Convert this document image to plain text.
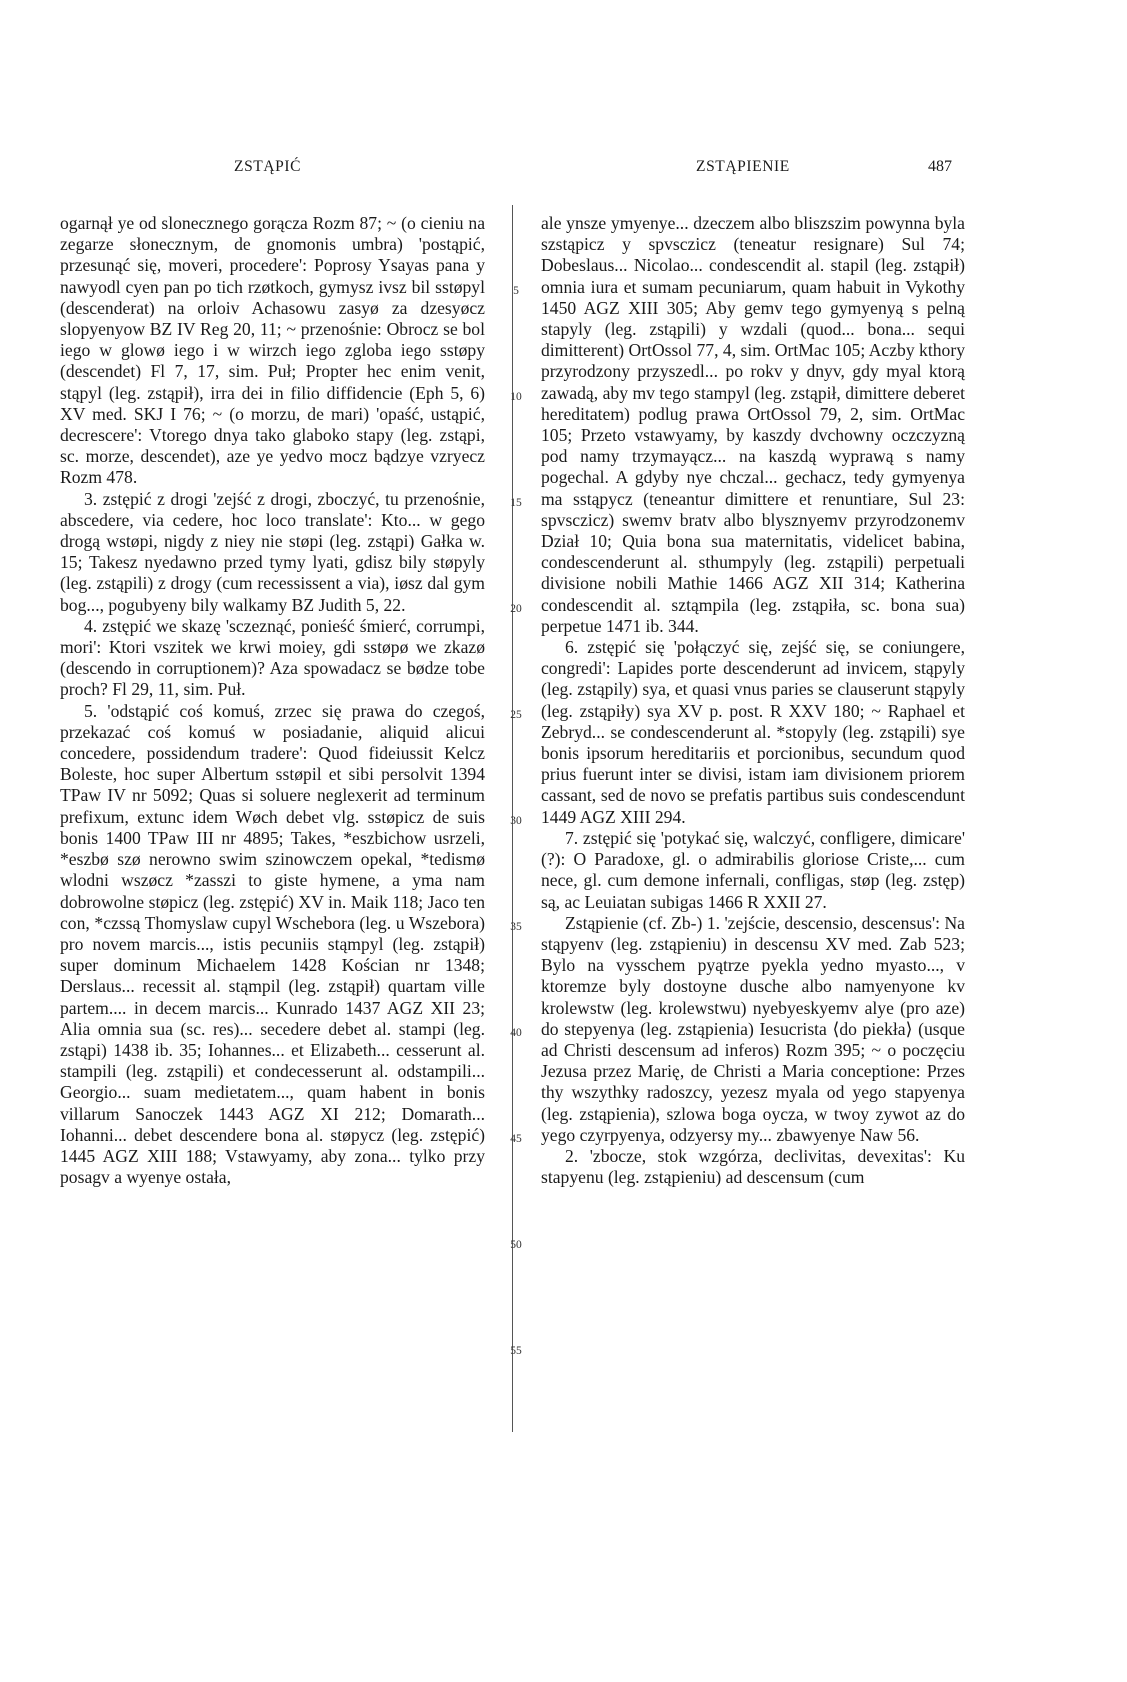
ZSTĄPIĆ	ZSTĄPIENIE	487

ogarnął ye od slonecznego gorącza Rozm 87; ~ (o cieniu na zegarze słonecznym, de gnomonis umbra) 'postąpić, przesunąć się, moveri, procedere': Poprosy Ysayas pana y nawyodl cyen pan po tich rzøtkoch, gymysz ivsz bil sstøpyl (descenderat) na orloiv Achasowu zasyø za dzesyøcz slopyenyow BZ IV Reg 20, 11; ~ przenośnie: Obrocz se bol iego w glowø iego i w wirzch iego zgloba iego sstøpy (descendet) Fl 7, 17, sim. Puł; Propter hec enim venit, stąpyl (leg. zstąpił), irra dei in filio diffidencie (Eph 5, 6) XV med. SKJ I 76; ~ (o morzu, de mari) 'opaść, ustąpić, decrescere': Vtorego dnya tako glaboko stapy (leg. zstąpi, sc. morze, descendet), aze ye yedvo mocz bądzye vzryecz Rozm 478.

3. zstępić z drogi 'zejść z drogi, zboczyć, tu przenośnie, abscedere, via cedere, hoc loco translate': Kto... w gego drogą wstøpi, nigdy z niey nie støpi (leg. zstąpi) Gałka w. 15; Takesz nyedawno przed tymy lyati, gdisz bily støpyly (leg. zstąpili) z drogy (cum recessissent a via), iøsz dal gym bog..., pogubyeny bily walkamy BZ Judith 5, 22.

4. zstępić we skazę 'sczeznąć, ponieść śmierć, corrumpi, mori': Ktori vszitek we krwi moiey, gdi sstøpø we zkazø (descendo in corruptionem)? Aza spowadacz se bødze tobe proch? Fl 29, 11, sim. Puł.

5. 'odstąpić coś komuś, zrzec się prawa do czegoś, przekazać coś komuś w posiadanie, aliquid alicui concedere, possidendum tradere': Quod fideiussit Kelcz Boleste, hoc super Albertum sstøpil et sibi persolvit 1394 TPaw IV nr 5092; Quas si soluere neglexerit ad terminum prefixum, extunc idem Wøch debet vlg. sstøpicz de suis bonis 1400 TPaw III nr 4895; Takes, *eszbichow usrzeli, *eszbø szø nerowno swim szinowczem opekal, *tedismø wlodni wszøcz *zasszi to giste hymene, a yma nam dobrowolne støpicz (leg. zstępić) XV in. Maik 118; Jaco ten con, *czssą Thomyslaw cupyl Wschebora (leg. u Wszebora) pro novem marcis..., istis pecuniis stąmpyl (leg. zstąpił) super dominum Michaelem 1428 Kościan nr 1348; Derslaus... recessit al. stąmpil (leg. zstąpił) quartam ville partem.... in decem marcis... Kunrado 1437 AGZ XII 23; Alia omnia sua (sc. res)... secedere debet al. stampi (leg. zstąpi) 1438 ib. 35; Iohannes... et Elizabeth... cesserunt al. stampili (leg. zstąpili) et condecesserunt al. odstampili... Georgio... suam medietatem..., quam habent in bonis villarum Sanoczek 1443 AGZ XI 212; Domarath... Iohanni... debet descendere bona al. støpycz (leg. zstępić) 1445 AGZ XIII 188; Vstawyamy, aby zona... tylko przy posagv a wyenye ostała,

5
10
15
20
25
30
35
40
45
50
55

ale ynsze ymyenye... dzeczem albo bliszszim powynna byla szstąpicz y spvsczicz (teneatur resignare) Sul 74; Dobeslaus... Nicolao... condescendit al. stapil (leg. zstąpił) omnia iura et sumam pecuniarum, quam habuit in Vykothy 1450 AGZ XIII 305; Aby gemv tego gymyenyą s pelną stapyly (leg. zstąpili) y wzdali (quod... bona... sequi dimitterent) OrtOssol 77, 4, sim. OrtMac 105; Aczby kthory przyrodzony przyszedl... po rokv y dnyv, gdy myal ktorą zawadą, aby mv tego stampyl (leg. zstąpił, dimittere deberet hereditatem) podlug prawa OrtOssol 79, 2, sim. OrtMac 105; Przeto vstawyamy, by kaszdy dvchowny oczczyzną pod namy trzymayącz... na kaszdą wyprawą s namy pogechal. A gdyby nye chczal... gechacz, tedy gymyenya ma sstąpycz (teneantur dimittere et renuntiare, Sul 23: spvsczicz) swemv bratv albo blysznyemv przyrodzonemv Dział 10; Quia bona sua maternitatis, videlicet babina, condescenderunt al. sthumpyly (leg. zstąpili) perpetuali divisione nobili Mathie 1466 AGZ XII 314; Katherina condescendit al. sztąmpila (leg. zstąpiła, sc. bona sua) perpetue 1471 ib. 344.

6. zstępić się 'połączyć się, zejść się, se coniungere, congredi': Lapides porte descenderunt ad invicem, stąpyly (leg. zstąpily) sya, et quasi vnus paries se clauserunt stąpyly (leg. zstąpiły) sya XV p. post. R XXV 180; ~ Raphael et Zebryd... se condescenderunt al. *stopyly (leg. zstąpili) sye bonis ipsorum hereditariis et porcionibus, secundum quod prius fuerunt inter se divisi, istam iam divisionem priorem cassant, sed de novo se prefatis partibus suis condescendunt 1449 AGZ XIII 294.

7. zstępić się 'potykać się, walczyć, confligere, dimicare' (?): O Paradoxe, gl. o admirabilis gloriose Criste,... cum nece, gl. cum demone infernali, confligas, støp (leg. zstęp) są, ac Leuiatan subigas 1466 R XXII 27.

Zstąpienie (cf. Zb-) 1. 'zejście, descensio, descensus': Na stąpyenv (leg. zstąpieniu) in descensu XV med. Zab 523; Bylo na vysschem pyątrze pyekla yedno myasto..., v ktoremze byly dostoyne dusche albo namyenyone kv krolewstw (leg. krolewstwu) nyebyeskyemv alye (pro aze) do stepyenya (leg. zstąpienia) Iesucrista ⟨do piekła⟩ (usque ad Christi descensum ad inferos) Rozm 395; ~ o poczęciu Jezusa przez Marię, de Christi a Maria conceptione: Przes thy wszythky radoszcy, yezesz myala od yego stapyenya (leg. zstąpienia), szlowa boga oycza, w twoy zywot az do yego czyrpyenya, odzyersy my... zbawyenye Naw 56.

2. 'zbocze, stok wzgórza, declivitas, devexitas': Ku stapyenu (leg. zstąpieniu) ad descensum (cum
